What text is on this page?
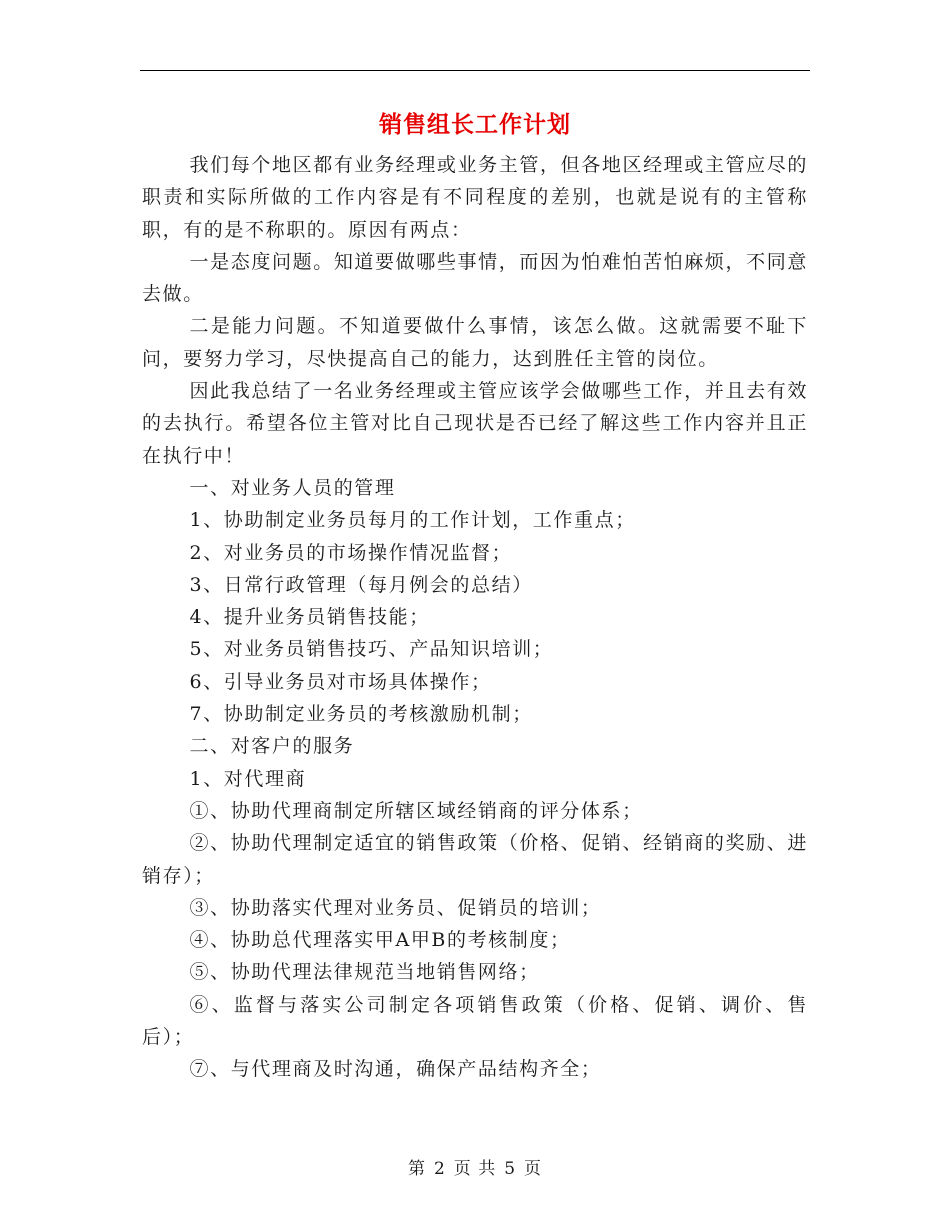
销售组长工作计划

我们每个地区都有业务经理或业务主管，但各地区经理或主管应尽的职责和实际所做的工作内容是有不同程度的差别，也就是说有的主管称职，有的是不称职的。原因有两点：

一是态度问题。知道要做哪些事情，而因为怕难怕苦怕麻烦，不同意去做。

二是能力问题。不知道要做什么事情，该怎么做。这就需要不耻下问，要努力学习，尽快提高自己的能力，达到胜任主管的岗位。

因此我总结了一名业务经理或主管应该学会做哪些工作，并且去有效的去执行。希望各位主管对比自己现状是否已经了解这些工作内容并且正在执行中！

一、对业务人员的管理

1、协助制定业务员每月的工作计划，工作重点；

2、对业务员的市场操作情况监督；

3、日常行政管理（每月例会的总结）

4、提升业务员销售技能；

5、对业务员销售技巧、产品知识培训；

6、引导业务员对市场具体操作；

7、协助制定业务员的考核激励机制；

二、对客户的服务

1、对代理商

①、协助代理商制定所辖区域经销商的评分体系；

②、协助代理制定适宜的销售政策（价格、促销、经销商的奖励、进销存）；

③、协助落实代理对业务员、促销员的培训；

④、协助总代理落实甲A甲B的考核制度；

⑤、协助代理法律规范当地销售网络；

⑥、监督与落实公司制定各项销售政策（价格、促销、调价、售后）；

⑦、与代理商及时沟通，确保产品结构齐全；

第 2 页 共 5 页
